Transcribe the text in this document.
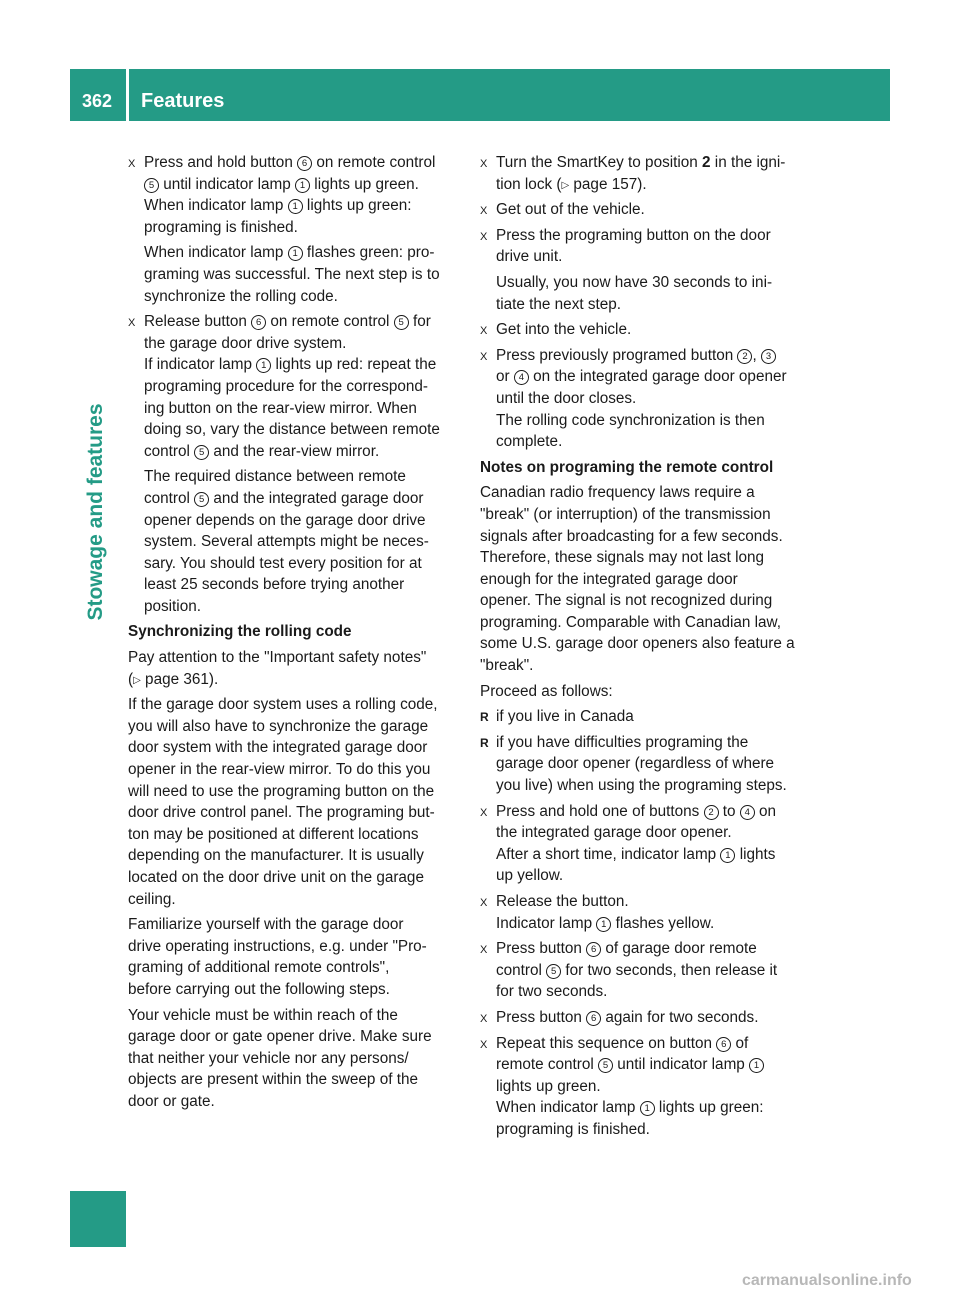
362	Features
Stowage and features
X Press and hold button 6 on remote control
5 until indicator lamp 1 lights up green.
When indicator lamp 1 lights up green:
programing is finished.
When indicator lamp 1 flashes green: pro-
graming was successful. The next step is to
synchronize the rolling code.
X Release button 6 on remote control 5 for
the garage door drive system.
If indicator lamp 1 lights up red: repeat the
programing procedure for the correspond-
ing button on the rear-view mirror. When
doing so, vary the distance between remote
control 5 and the rear-view mirror.
The required distance between remote
control 5 and the integrated garage door
opener depends on the garage door drive
system. Several attempts might be neces-
sary. You should test every position for at
least 25 seconds before trying another
position.
Synchronizing the rolling code
Pay attention to the "Important safety notes"
(▷ page 361).
If the garage door system uses a rolling code,
you will also have to synchronize the garage
door system with the integrated garage door
opener in the rear-view mirror. To do this you
will need to use the programing button on the
door drive control panel. The programing but-
ton may be positioned at different locations
depending on the manufacturer. It is usually
located on the door drive unit on the garage
ceiling.
Familiarize yourself with the garage door
drive operating instructions, e.g. under "Pro-
graming of additional remote controls",
before carrying out the following steps.
Your vehicle must be within reach of the
garage door or gate opener drive. Make sure
that neither your vehicle nor any persons/
objects are present within the sweep of the
door or gate.
X Turn the SmartKey to position 2 in the igni-
tion lock (▷ page 157).
X Get out of the vehicle.
X Press the programing button on the door
drive unit.
Usually, you now have 30 seconds to ini-
tiate the next step.
X Get into the vehicle.
X Press previously programed button 2 , 3
or 4 on the integrated garage door opener
until the door closes.
The rolling code synchronization is then
complete.
Notes on programing the remote control
Canadian radio frequency laws require a
"break" (or interruption) of the transmission
signals after broadcasting for a few seconds.
Therefore, these signals may not last long
enough for the integrated garage door
opener. The signal is not recognized during
programing. Comparable with Canadian law,
some U.S. garage door openers also feature a
"break".
Proceed as follows:
R if you live in Canada
R if you have difficulties programing the
garage door opener (regardless of where
you live) when using the programing steps.
X Press and hold one of buttons 2 to 4 on
the integrated garage door opener.
After a short time, indicator lamp 1 lights
up yellow.
X Release the button.
Indicator lamp 1 flashes yellow.
X Press button 6 of garage door remote
control 5 for two seconds, then release it
for two seconds.
X Press button 6 again for two seconds.
X Repeat this sequence on button 6 of
remote control 5 until indicator lamp 1
lights up green.
When indicator lamp 1 lights up green:
programing is finished.
carmanualsonline.info
